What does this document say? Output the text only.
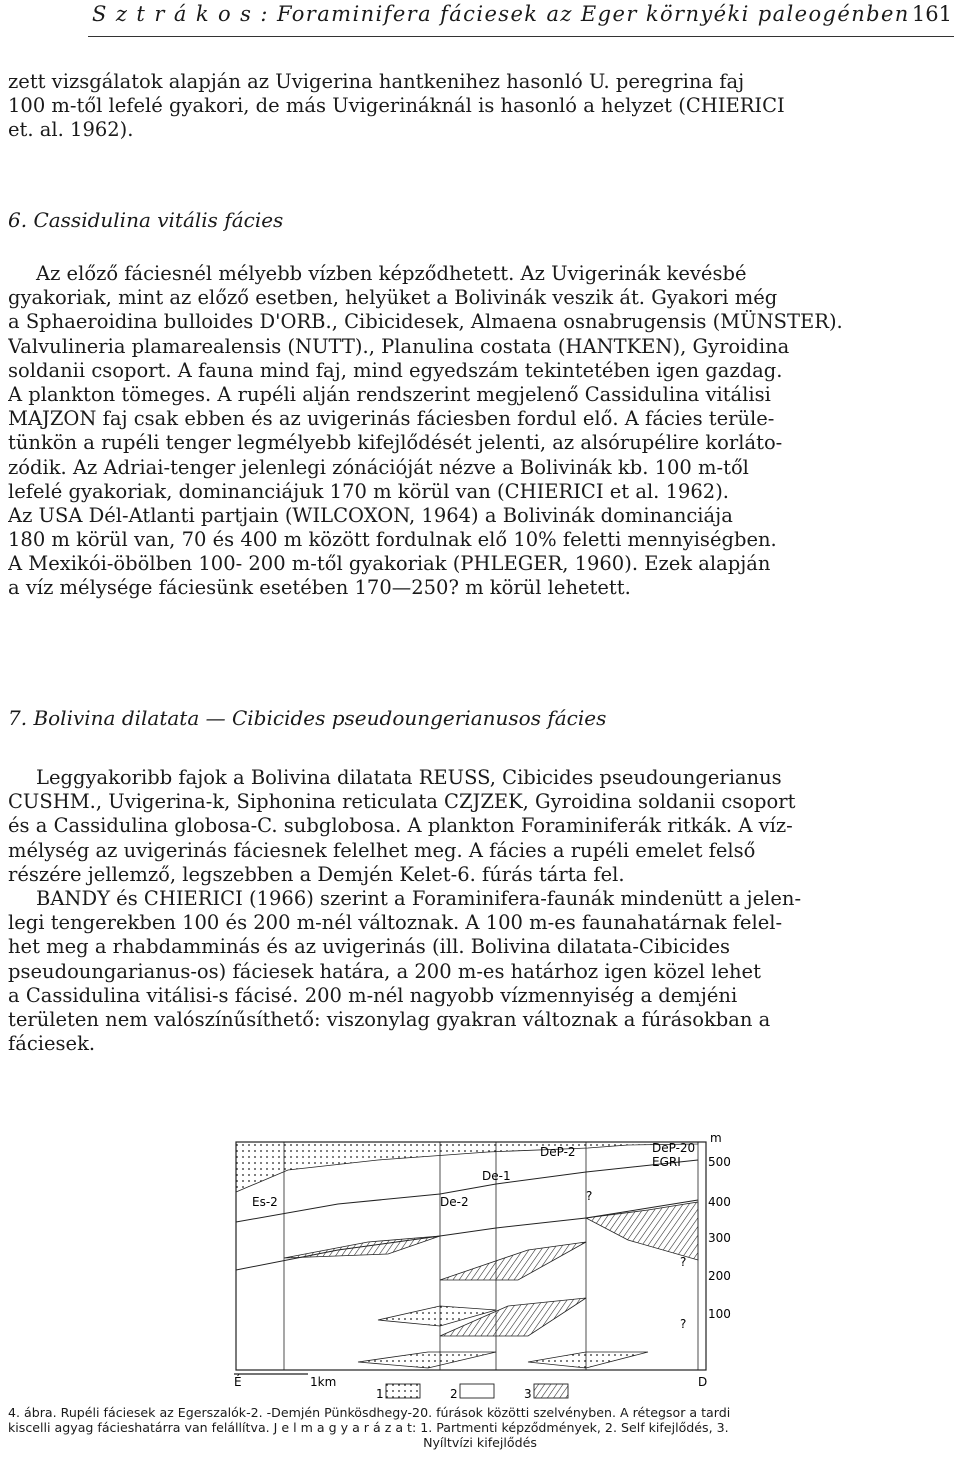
S z t r á k o s : Foraminifera fáciesek az Eger környéki paleogénben 161
zett vizsgálatok alapján az Uvigerina hantkenihez hasonló U. peregrina faj
100 m-től lefelé gyakori, de más Uvigerináknál is hasonló a helyzet (CHIERICI
et. al. 1962).
6. Cassidulina vitális fácies
Az előző fáciesnél mélyebb vízben képződhetett. Az Uvigerinák kevésbé
gyakoriak, mint az előző esetben, helyüket a Bolivinák veszik át. Gyakori még
a Sphaeroidina bulloides D'ORB., Cibicidesek, Almaena osnabrugensis (MÜNSTER).
Valvulineria plamarealensis (NUTT)., Planulina costata (HANTKEN), Gyroidina
soldanii csoport. A fauna mind faj, mind egyedszám tekintetében igen gazdag.
A plankton tömeges. A rupéli alján rendszerint megjelenő Cassidulina vitálisi
MAJZON faj csak ebben és az uvigerinás fáciesben fordul elő. A fácies terüle-
tünkön a rupéli tenger legmélyebb kifejlődését jelenti, az alsórupélire korláto-
zódik. Az Adriai-tenger jelenlegi zónációját nézve a Bolivinák kb. 100 m-től
lefelé gyakoriak, dominanciájuk 170 m körül van (CHIERICI et al. 1962).
Az USA Dél-Atlanti partjain (WILCOXON, 1964) a Bolivinák dominanciája
180 m körül van, 70 és 400 m között fordulnak elő 10% feletti mennyiségben.
A Mexikói-öbölben 100- 200 m-től gyakoriak (PHLEGER, 1960). Ezek alapján
a víz mélysége fáciesünk esetében 170—250? m körül lehetett.
7. Bolivina dilatata — Cibicides pseudoungerianusos fácies
Leggyakoribb fajok a Bolivina dilatata REUSS, Cibicides pseudoungerianus
CUSHM., Uvigerina-k, Siphonina reticulata CZJZEK, Gyroidina soldanii csoport
és a Cassidulina globosa-C. subglobosa. A plankton Foraminiferák ritkák. A víz-
mélység az uvigerinás fáciesnek felelhet meg. A fácies a rupéli emelet felső
részére jellemző, legszebben a Demjén Kelet-6. fúrás tárta fel.
BANDY és CHIERICI (1966) szerint a Foraminifera-faunák mindenütt a jelen-
legi tengerekben 100 és 200 m-nél változnak. A 100 m-es faunahatárnak felel-
het meg a rhabdamminás és az uvigerinás (ill. Bolivina dilatata-Cibicides
pseudoungarianus-os) fáciesek határa, a 200 m-es határhoz igen közel lehet
a Cassidulina vitálisi-s fácisé. 200 m-nél nagyobb vízmennyiség a demjéni
területen nem valószínűsíthető: viszonylag gyakran változnak a fúrásokban a
fáciesek.
Es-2	De-2
De-1
DeP-2	DeP-20
EGRI
?
?
?
m
500
400
300
200
100
É	1km	D
1	2	3
4. ábra. Rupéli fáciesek az Egerszalók-2. -Demjén Pünkösdhegy-20. fúrások közötti szelvényben. A rétegsor a tardi
kiscelli agyag fácieshatárra van felállítva. J e l m a g y a r á z a t: 1. Partmenti képződmények, 2. Self kifejlődés, 3.
Nyíltvízi kifejlődés
